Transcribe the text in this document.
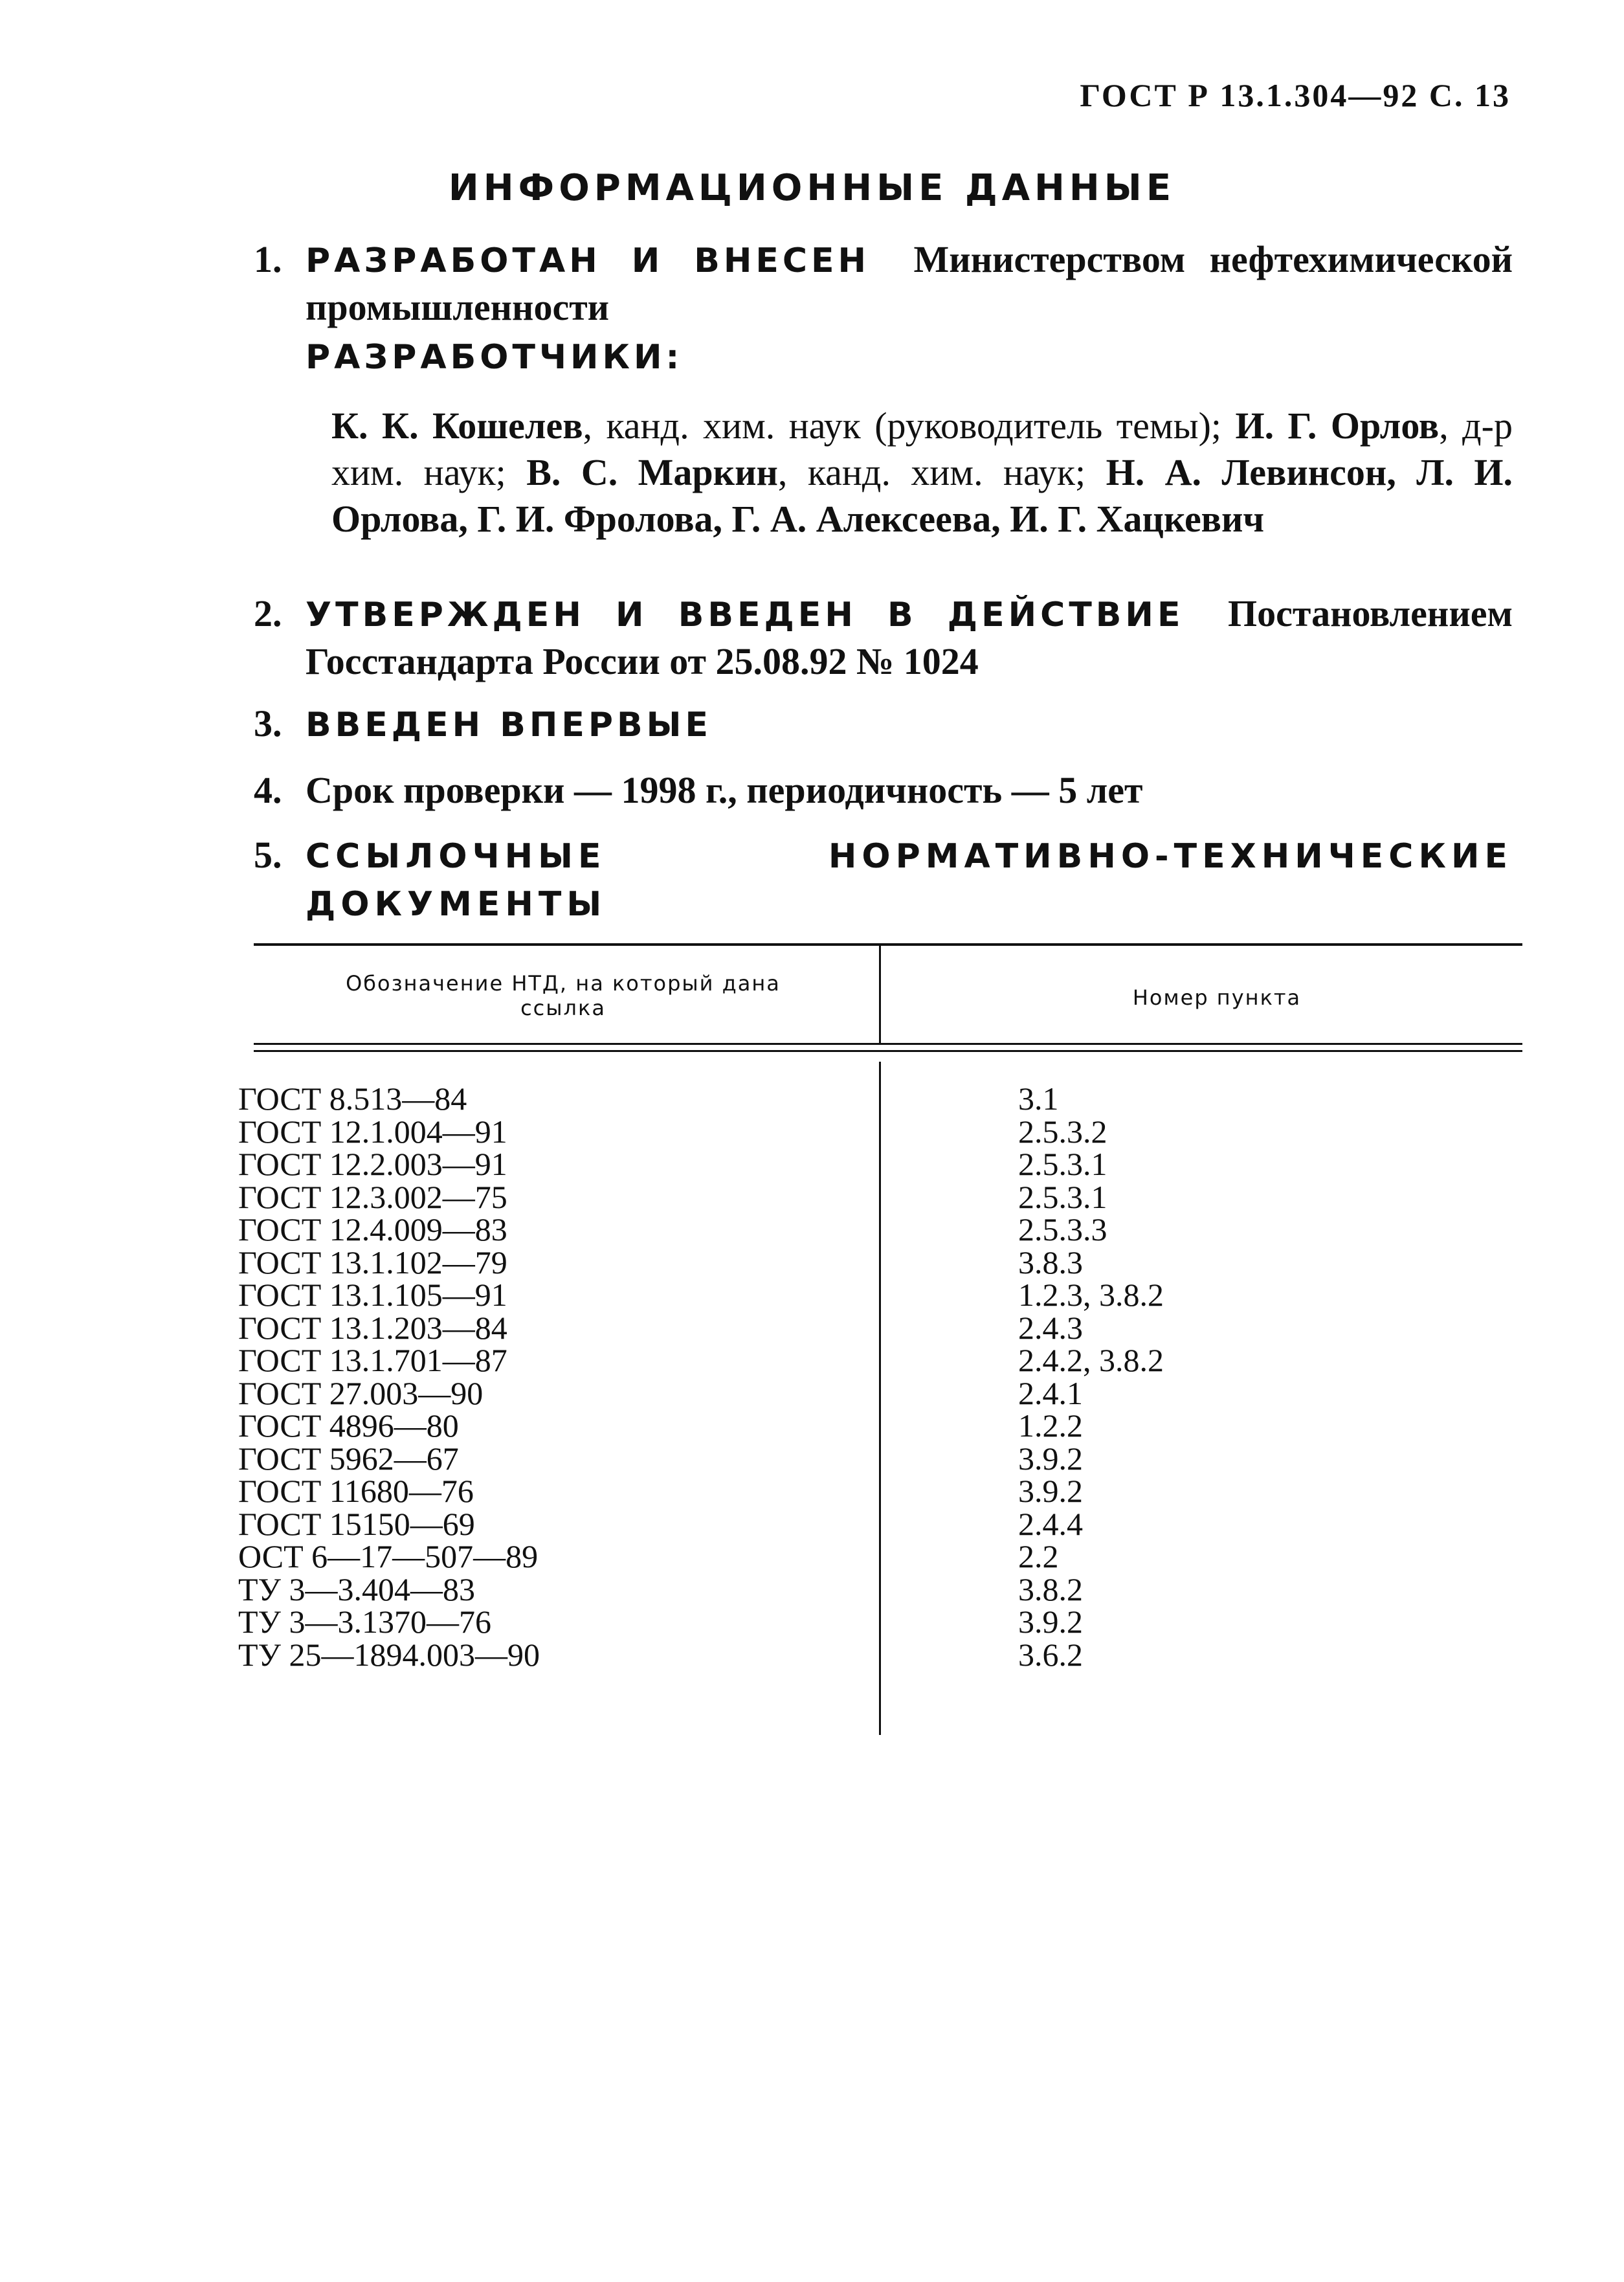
ГОСТ Р 13.1.304—92 С. 13
ИНФОРМАЦИОННЫЕ ДАННЫЕ
1. РАЗРАБОТАН И ВНЕСЕН Министерством нефтехимической промышленности
РАЗРАБОТЧИКИ:
К. К. Кошелев, канд. хим. наук (руководитель темы); И. Г. Орлов, д-р хим. наук; В. С. Маркин, канд. хим. наук; Н. А. Левинсон, Л. И. Орлова, Г. И. Фролова, Г. А. Алексеева, И. Г. Хацкевич
2. УТВЕРЖДЕН И ВВЕДЕН В ДЕЙСТВИЕ Постановлением Госстандарта России от 25.08.92 № 1024
3. ВВЕДЕН ВПЕРВЫЕ
4. Срок проверки — 1998 г., периодичность — 5 лет
5. ССЫЛОЧНЫЕ НОРМАТИВНО-ТЕХНИЧЕСКИЕ ДОКУМЕНТЫ
Обозначение НТД, на который дана ссылка	Номер пункта
ГОСТ 8.513—84
ГОСТ 12.1.004—91
ГОСТ 12.2.003—91
ГОСТ 12.3.002—75
ГОСТ 12.4.009—83
ГОСТ 13.1.102—79
ГОСТ 13.1.105—91
ГОСТ 13.1.203—84
ГОСТ 13.1.701—87
ГОСТ 27.003—90
ГОСТ 4896—80
ГОСТ 5962—67
ГОСТ 11680—76
ГОСТ 15150—69
ОСТ 6—17—507—89
ТУ 3—3.404—83
ТУ 3—3.1370—76
ТУ 25—1894.003—90
3.1
2.5.3.2
2.5.3.1
2.5.3.1
2.5.3.3
3.8.3
1.2.3, 3.8.2
2.4.3
2.4.2, 3.8.2
2.4.1
1.2.2
3.9.2
3.9.2
2.4.4
2.2
3.8.2
3.9.2
3.6.2
